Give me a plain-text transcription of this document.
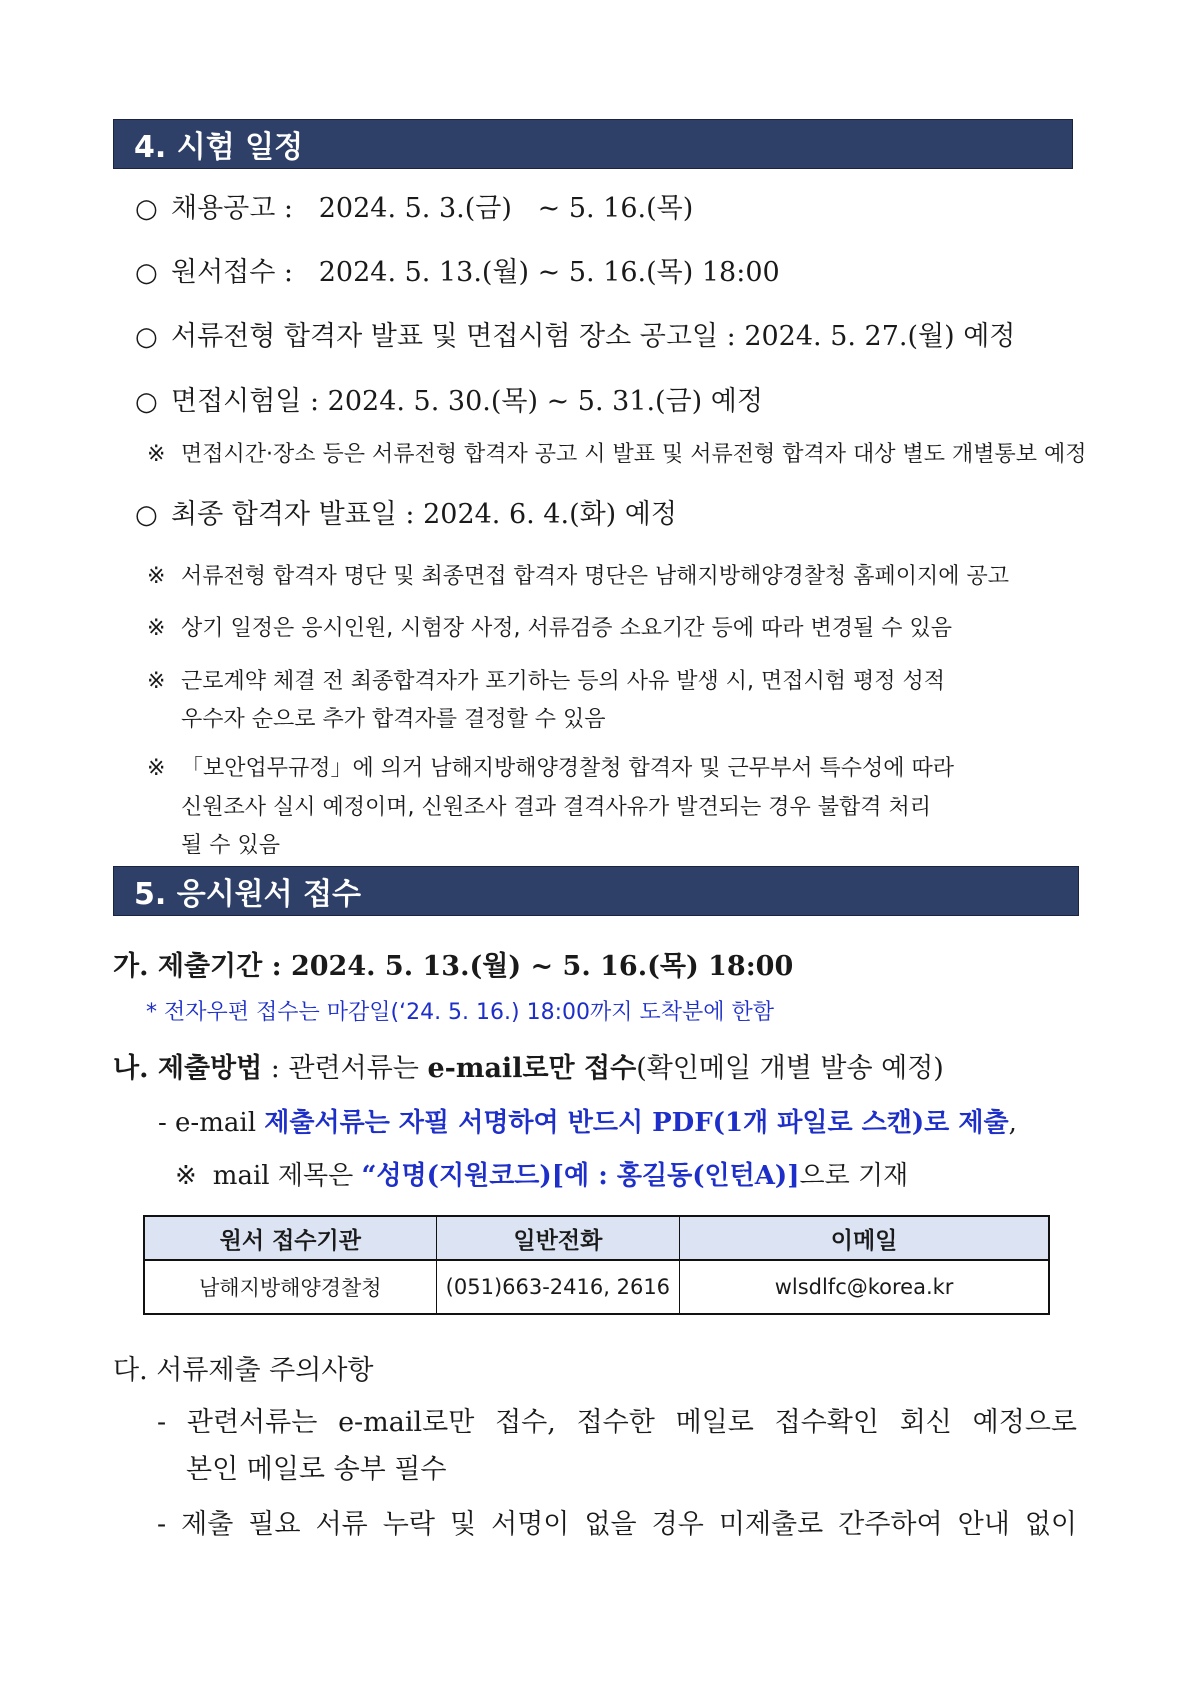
4. 시험 일정
○ 채용공고 :   2024. 5. 3.(금)   ~ 5. 16.(목)
○ 원서접수 :   2024. 5. 13.(월) ~ 5. 16.(목) 18:00
○ 서류전형 합격자 발표 및 면접시험 장소 공고일 : 2024. 5. 27.(월) 예정
○ 면접시험일 : 2024. 5. 30.(목) ~ 5. 31.(금) 예정
※ 면접시간·장소 등은 서류전형 합격자 공고 시 발표 및 서류전형 합격자 대상 별도 개별통보 예정
○ 최종 합격자 발표일 : 2024. 6. 4.(화) 예정
※ 서류전형 합격자 명단 및 최종면접 합격자 명단은 남해지방해양경찰청 홈페이지에 공고
※ 상기 일정은 응시인원, 시험장 사정, 서류검증 소요기간 등에 따라 변경될 수 있음
※ 근로계약 체결 전 최종합격자가 포기하는 등의 사유 발생 시, 면접시험 평정 성적
우수자 순으로 추가 합격자를 결정할 수 있음
※ 「보안업무규정」에 의거 남해지방해양경찰청 합격자 및 근무부서 특수성에 따라
신원조사 실시 예정이며, 신원조사 결과 결격사유가 발견되는 경우 불합격 처리
될 수 있음
5. 응시원서 접수
가. 제출기간 : 2024. 5. 13.(월) ~ 5. 16.(목) 18:00
* 전자우편 접수는 마감일(‘24. 5. 16.) 18:00까지 도착분에 한함
나. 제출방법 : 관련서류는 e-mail로만 접수(확인메일 개별 발송 예정)
- e-mail 제출서류는 자필 서명하여 반드시 PDF(1개 파일로 스캔)로 제출,
※ mail 제목은 “성명(지원코드)[예 : 홍길동(인턴A)]으로 기재
원서 접수기관	일반전화	이메일
남해지방해양경찰청	(051)663-2416, 2616	wlsdlfc@korea.kr
다. 서류제출 주의사항
- 관련서류는 e-mail로만 접수, 접수한 메일로 접수확인 회신 예정으로
본인 메일로 송부 필수
- 제출 필요 서류 누락 및 서명이 없을 경우 미제출로 간주하여 안내 없이
